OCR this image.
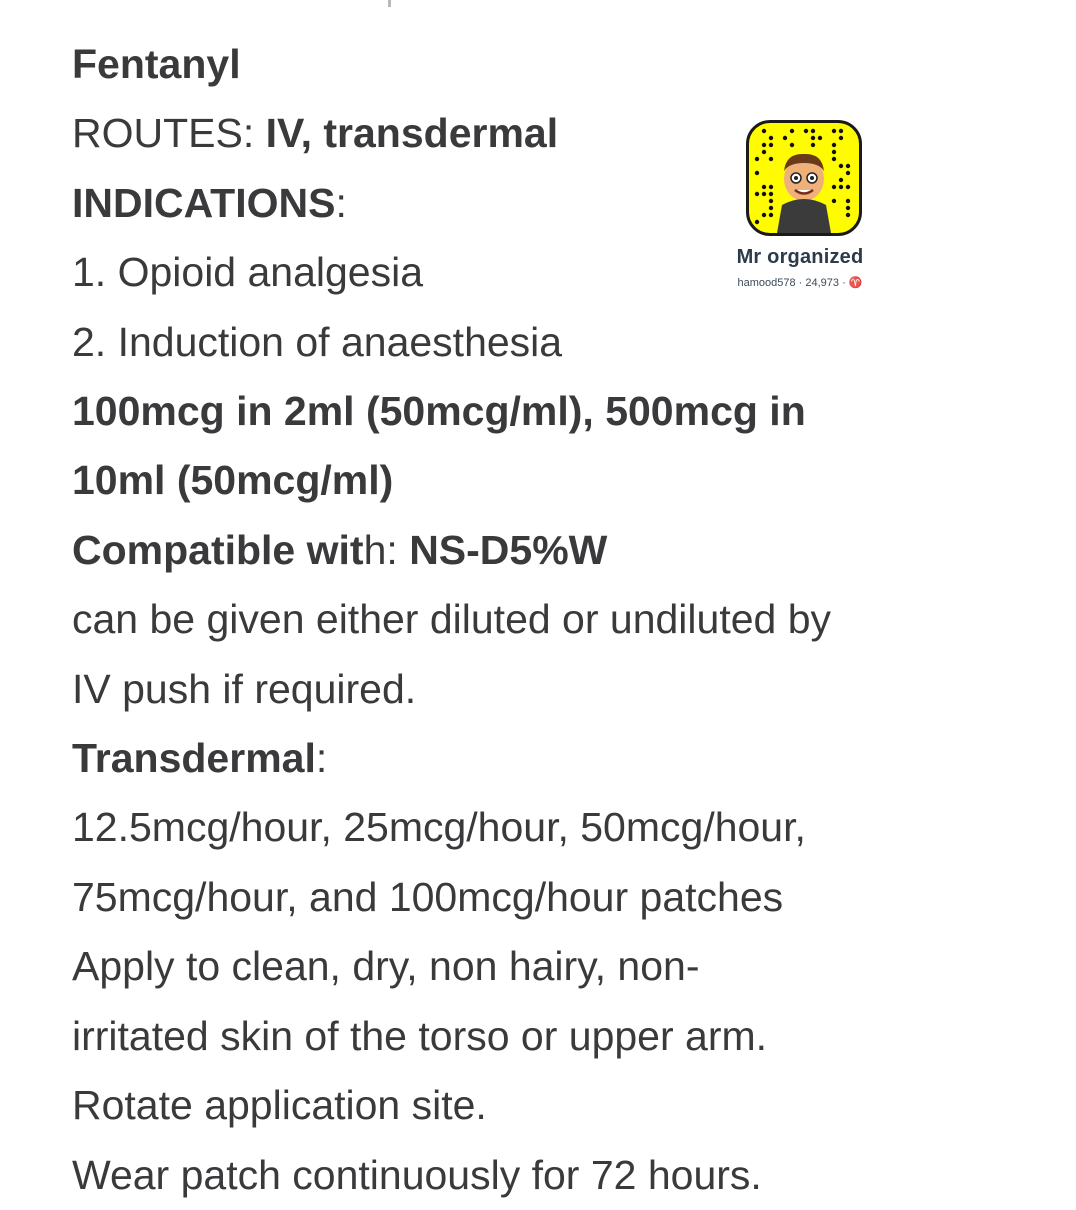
Fentanyl
ROUTES: IV, transdermal
INDICATIONS:
1. Opioid analgesia
2. Induction of anaesthesia
100mcg in 2ml (50mcg/ml), 500mcg in
10ml (50mcg/ml)
Compatible with: NS-D5%W
can be given either diluted or undiluted by
IV push if required.
Transdermal:
12.5mcg/hour, 25mcg/hour, 50mcg/hour,
75mcg/hour, and 100mcg/hour patches
Apply to clean, dry, non hairy, non-
irritated skin of the torso or upper arm.
Rotate application site.
Wear patch continuously for 72 hours.
Mr organized
hamood578 · 24,973 · ♈
